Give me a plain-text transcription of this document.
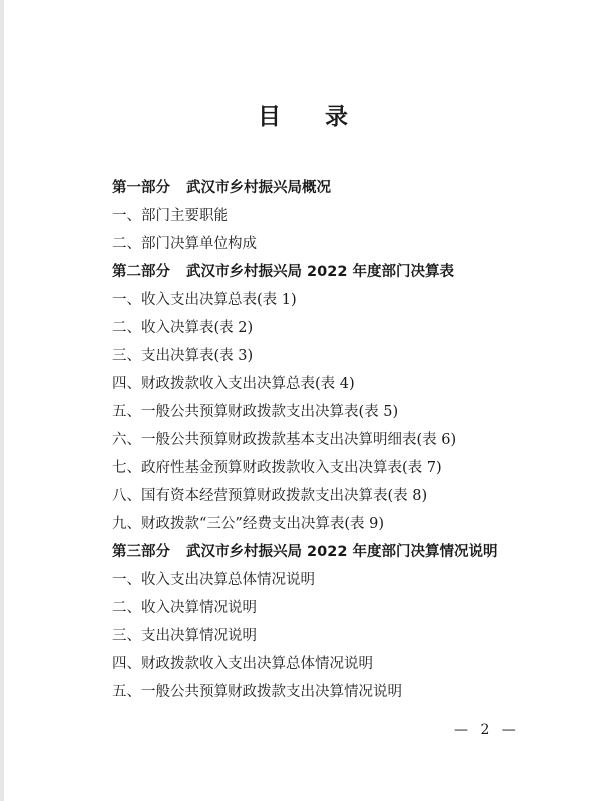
目录
第一部分 武汉市乡村振兴局概况
一、部门主要职能
二、部门决算单位构成
第二部分 武汉市乡村振兴局 2022 年度部门决算表
一、收入支出决算总表(表 1)
二、收入决算表(表 2)
三、支出决算表(表 3)
四、财政拨款收入支出决算总表(表 4)
五、一般公共预算财政拨款支出决算表(表 5)
六、一般公共预算财政拨款基本支出决算明细表(表 6)
七、政府性基金预算财政拨款收入支出决算表(表 7)
八、国有资本经营预算财政拨款支出决算表(表 8)
九、财政拨款“三公”经费支出决算表(表 9)
第三部分 武汉市乡村振兴局 2022 年度部门决算情况说明
一、收入支出决算总体情况说明
二、收入决算情况说明
三、支出决算情况说明
四、财政拨款收入支出决算总体情况说明
五、一般公共预算财政拨款支出决算情况说明
— 2 —
